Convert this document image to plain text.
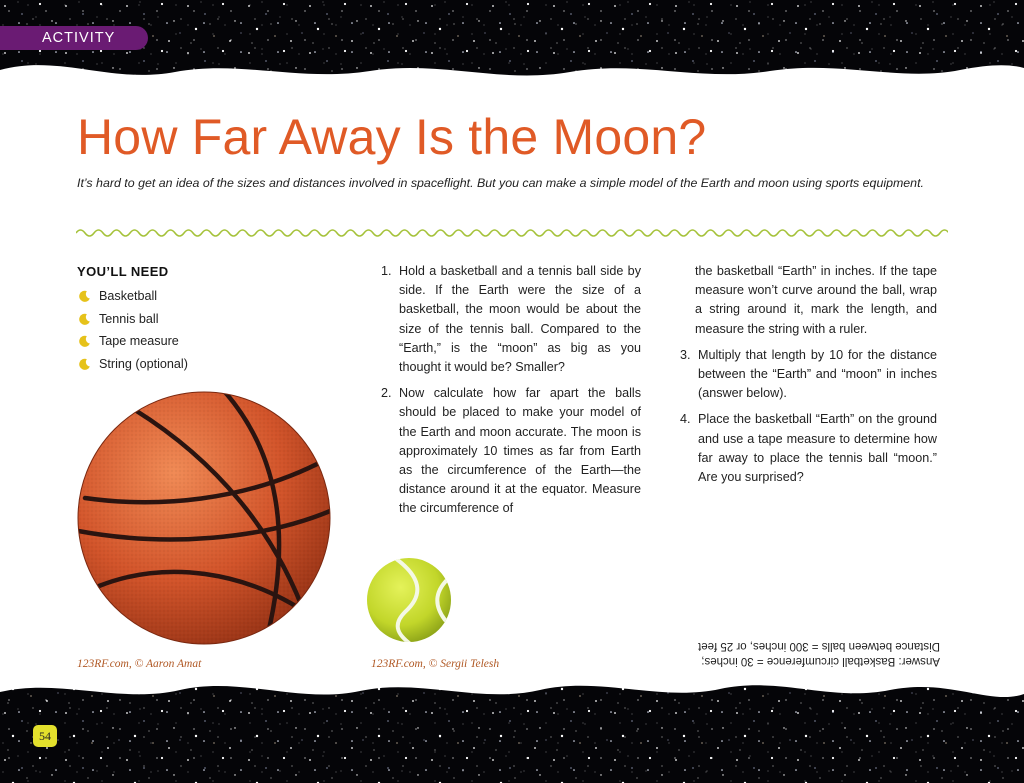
ACTIVITY
How Far Away Is the Moon?

It’s hard to get an idea of the sizes and distances involved in spaceflight. But you can make a simple model of the Earth and moon using sports equipment.

YOU’LL NEED
Basketball
Tennis ball
Tape measure
String (optional)
123RF.com, © Aaron Amat	123RF.com, © Sergii Telesh
1. Hold a basketball and a tennis ball side by side. If the Earth were the size of a basketball, the moon would be about the size of the tennis ball. Compared to the “Earth,” is the “moon” as big as you thought it would be? Smaller?
2. Now calculate how far apart the balls should be placed to make your model of the Earth and moon accurate. The moon is approximately 10 times as far from Earth as the circumference of the Earth—the distance around it at the equator. Measure the circumference of

the basketball “Earth” in inches. If the tape measure won’t curve around the ball, wrap a string around it, mark the length, and measure the string with a ruler.

3. Multiply that length by 10 for the distance between the “Earth” and “moon” in inches (answer below).
4. Place the basketball “Earth” on the ground and use a tape measure to determine how far away to place the tennis ball “moon.” Are you surprised?
Answer: Basketball circumference = 30 inches;
Distance between balls = 300 inches, or 25 feet
54
